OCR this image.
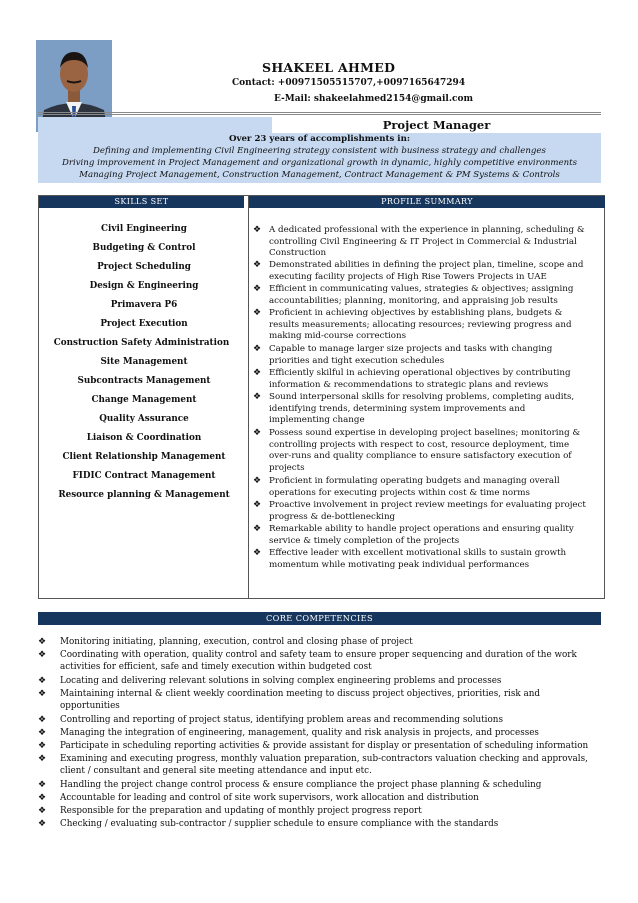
SHAKEEL AHMED
Contact: +00971505515707,+0097165647294
E-Mail: shakeelahmed2154@gmail.com
Project Manager
Over 23 years of accomplishments in:
Defining and implementing Civil Engineering strategy consistent with business strategy and challenges
Driving improvement in Project Management and organizational growth in dynamic, highly competitive environments
Managing Project Management, Construction Management, Contract Management & PM Systems & Controls
SKILLS SET
Civil Engineering
Budgeting & Control
Project Scheduling
Design & Engineering
Primavera P6
Project Execution
Construction Safety Administration
Site Management
Subcontracts Management
Change Management
Quality Assurance
Liaison & Coordination
Client Relationship Management
FIDIC Contract Management
Resource planning & Management
PROFILE SUMMARY
❖ A dedicated professional with the experience in planning, scheduling &
controlling Civil Engineering & IT Project in Commercial & Industrial
Construction
❖ Demonstrated abilities in defining the project plan, timeline, scope and
executing facility projects of High Rise Towers Projects in UAE
❖ Efficient in communicating values, strategies & objectives; assigning
accountabilities; planning, monitoring, and appraising job results
❖ Proficient in achieving objectives by establishing plans, budgets &
results measurements; allocating resources; reviewing progress and
making mid-course corrections
❖ Capable to manage larger size projects and tasks with changing
priorities and tight execution schedules
❖ Efficiently skilful in achieving operational objectives by contributing
information & recommendations to strategic plans and reviews
❖ Sound interpersonal skills for resolving problems, completing audits,
identifying trends, determining system improvements and
implementing change
❖ Possess sound expertise in developing project baselines; monitoring &
controlling projects with respect to cost, resource deployment, time
over-runs and quality compliance to ensure satisfactory execution of
projects
❖ Proficient in formulating operating budgets and managing overall
operations for executing projects within cost & time norms
❖ Proactive involvement in project review meetings for evaluating project
progress & de-bottlenecking
❖ Remarkable ability to handle project operations and ensuring quality
service & timely completion of the projects
❖ Effective leader with excellent motivational skills to sustain growth
momentum while motivating peak individual performances
CORE COMPETENCIES
❖ Monitoring initiating, planning, execution, control and closing phase of project
❖ Coordinating with operation, quality control and safety team to ensure proper sequencing and duration of the work
activities for efficient, safe and timely execution within budgeted cost
❖ Locating and delivering relevant solutions in solving complex engineering problems and processes
❖ Maintaining internal & client weekly coordination meeting to discuss project objectives, priorities, risk and
opportunities
❖ Controlling and reporting of project status, identifying problem areas and recommending solutions
❖ Managing the integration of engineering, management, quality and risk analysis in projects, and processes
❖ Participate in scheduling reporting activities & provide assistant for display or presentation of scheduling information
❖ Examining and executing progress, monthly valuation preparation, sub-contractors valuation checking and approvals,
client / consultant and general site meeting attendance and input etc.
❖ Handling the project change control process & ensure compliance the project phase planning & scheduling
❖ Accountable for leading and control of site work supervisors, work allocation and distribution
❖ Responsible for the preparation and updating of monthly project progress report
❖ Checking / evaluating sub-contractor / supplier schedule to ensure compliance with the standards
